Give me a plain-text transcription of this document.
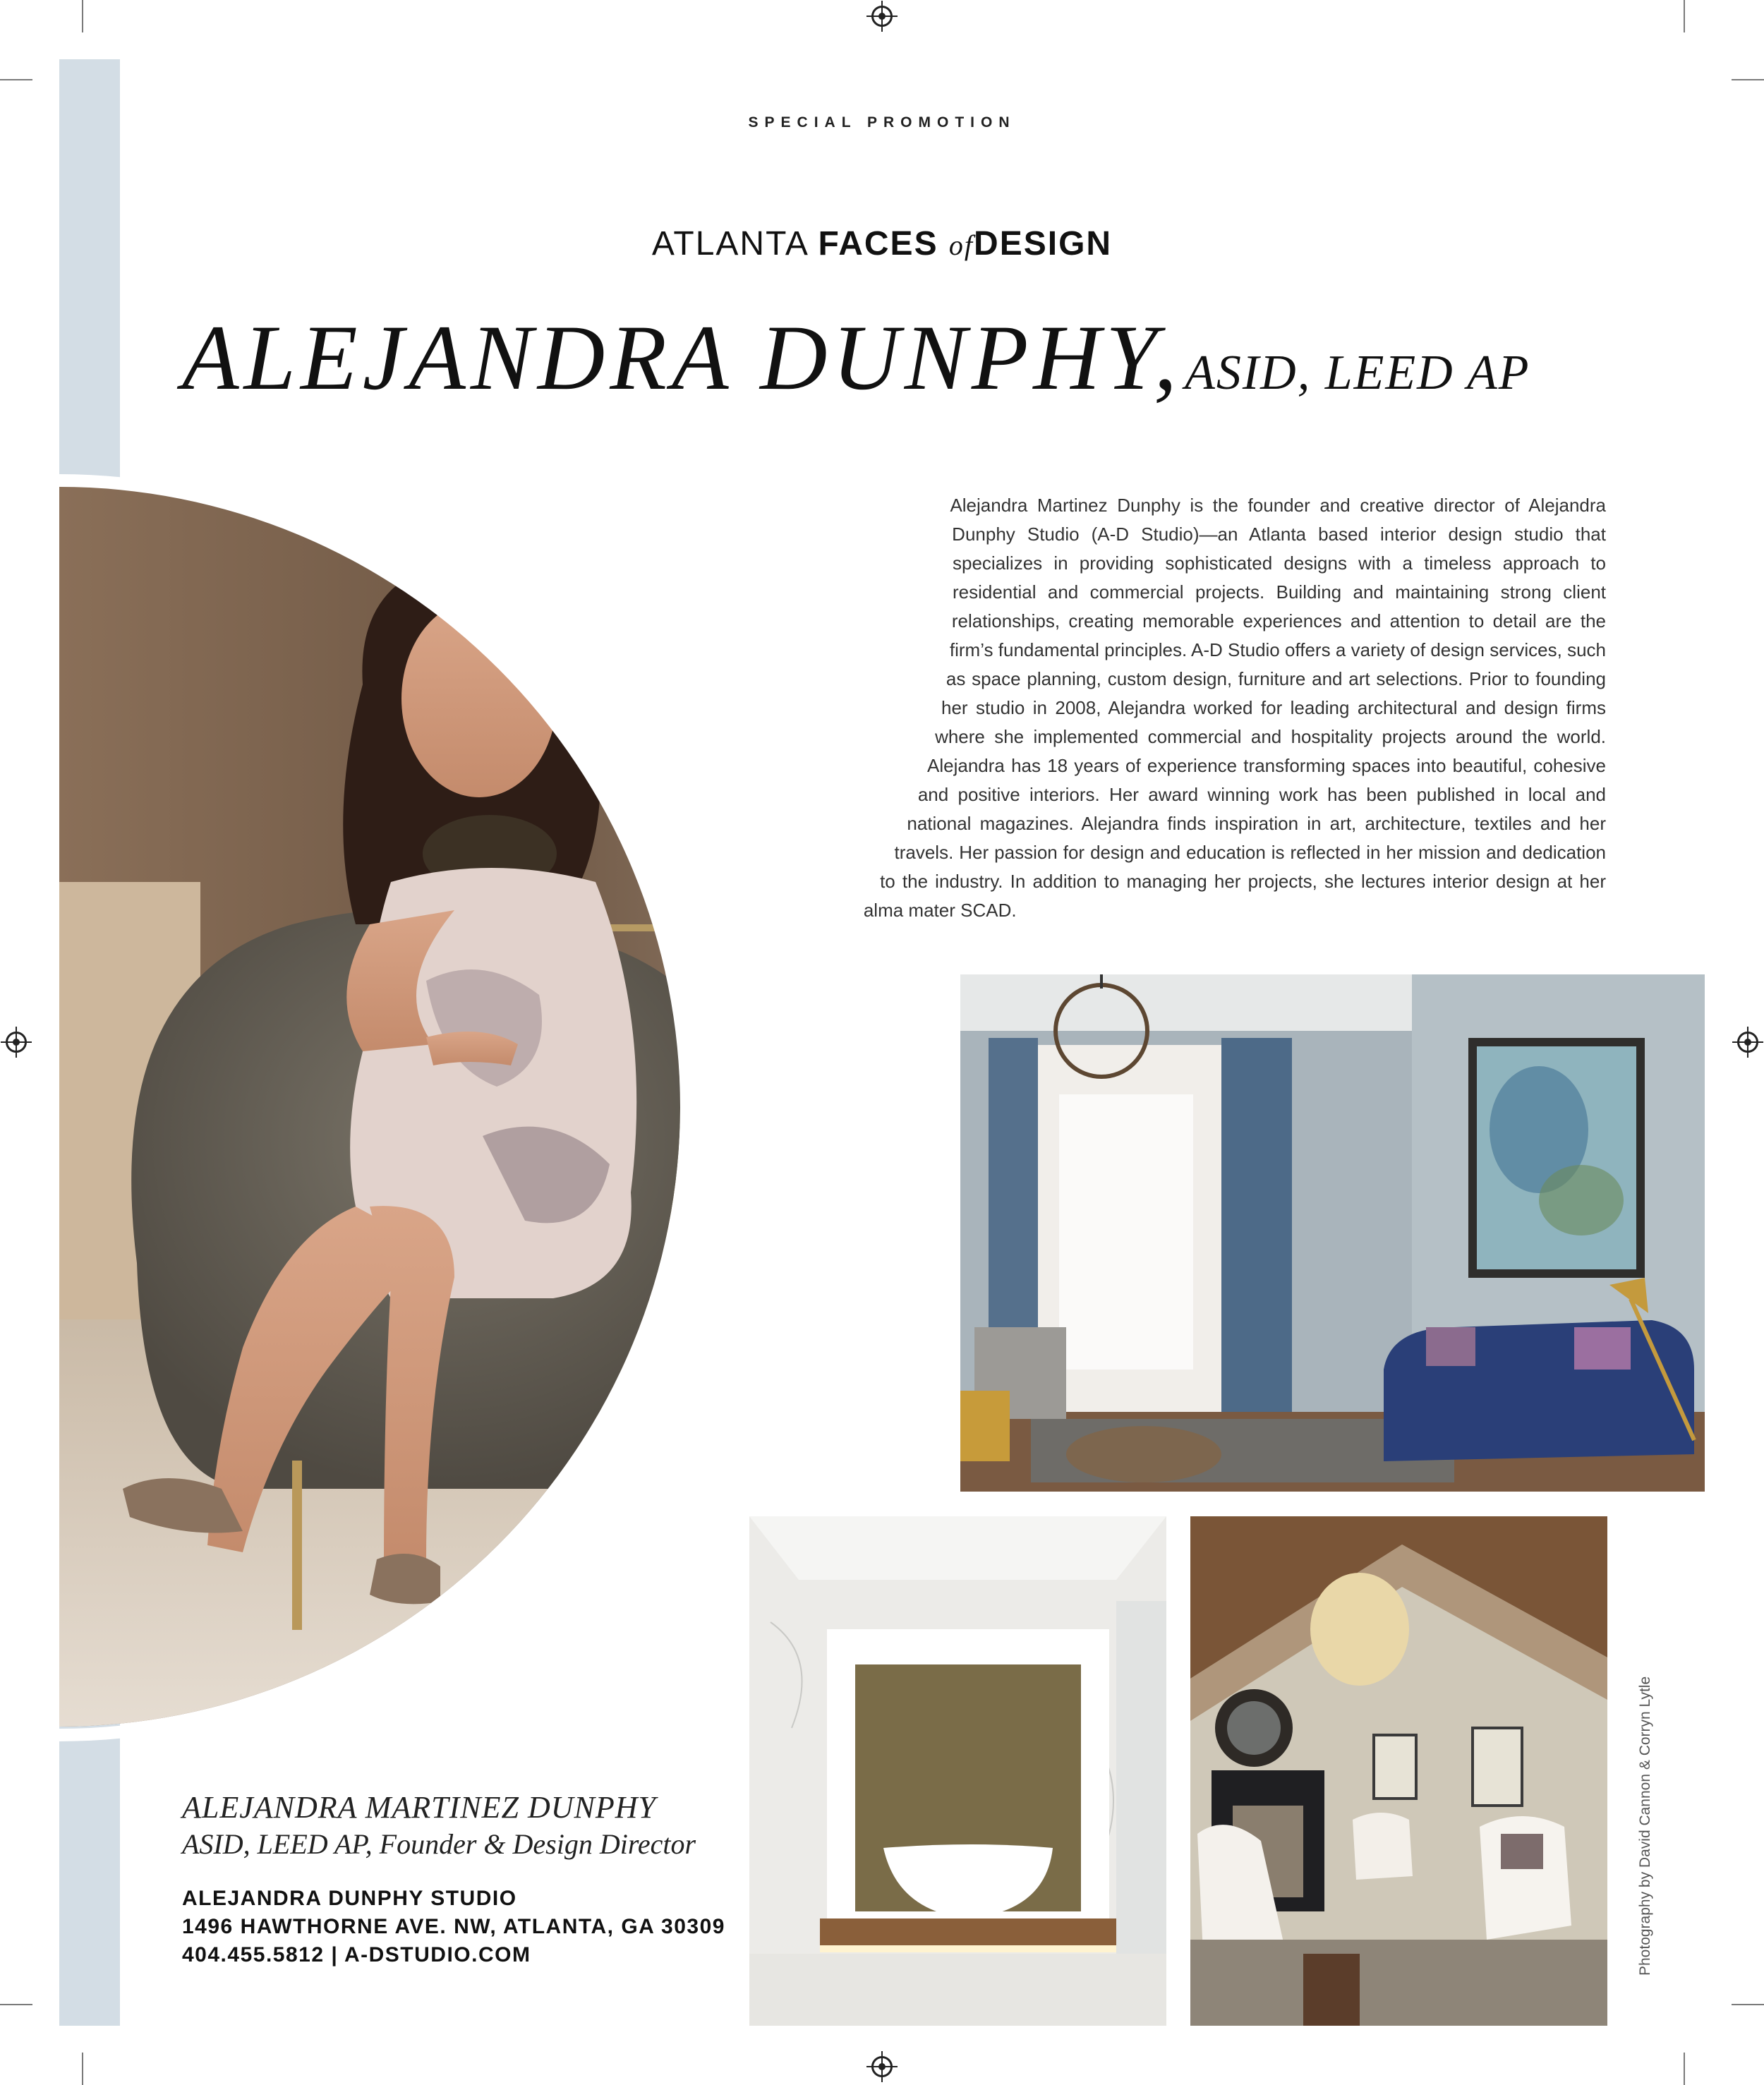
SPECIAL PROMOTION
ATLANTA FACES ofDESIGN
ALEJANDRA DUNPHY, ASID, LEED AP
Alejandra Martinez Dunphy is the founder and creative director of Alejandra Dunphy Studio (A-D Studio)—an Atlanta based interior design studio that specializes in providing sophisticated designs with a timeless approach to residential and commercial projects. Building and maintaining strong client relationships, creating memorable experiences and attention to detail are the firm’s fundamental principles. A-D Studio offers a variety of design services, such as space planning, custom design, furniture and art selections. Prior to founding her studio in 2008, Alejandra worked for leading architectural and design firms where she implemented commercial and hospitality projects around the world. Alejandra has 18 years of experience transforming spaces into beautiful, cohesive and positive interiors. Her award winning work has been published in local and national magazines. Alejandra finds inspiration in art, architecture, textiles and her travels. Her passion for design and education is reflected in her mission and dedication to the industry. In addition to managing her projects, she lectures interior design at her alma mater SCAD.
Photography by David Cannon & Corryn Lytle
ALEJANDRA MARTINEZ DUNPHY
ASID, LEED AP, Founder & Design Director
ALEJANDRA DUNPHY STUDIO
1496 HAWTHORNE AVE. NW, ATLANTA, GA 30309
404.455.5812 | A-DSTUDIO.COM
